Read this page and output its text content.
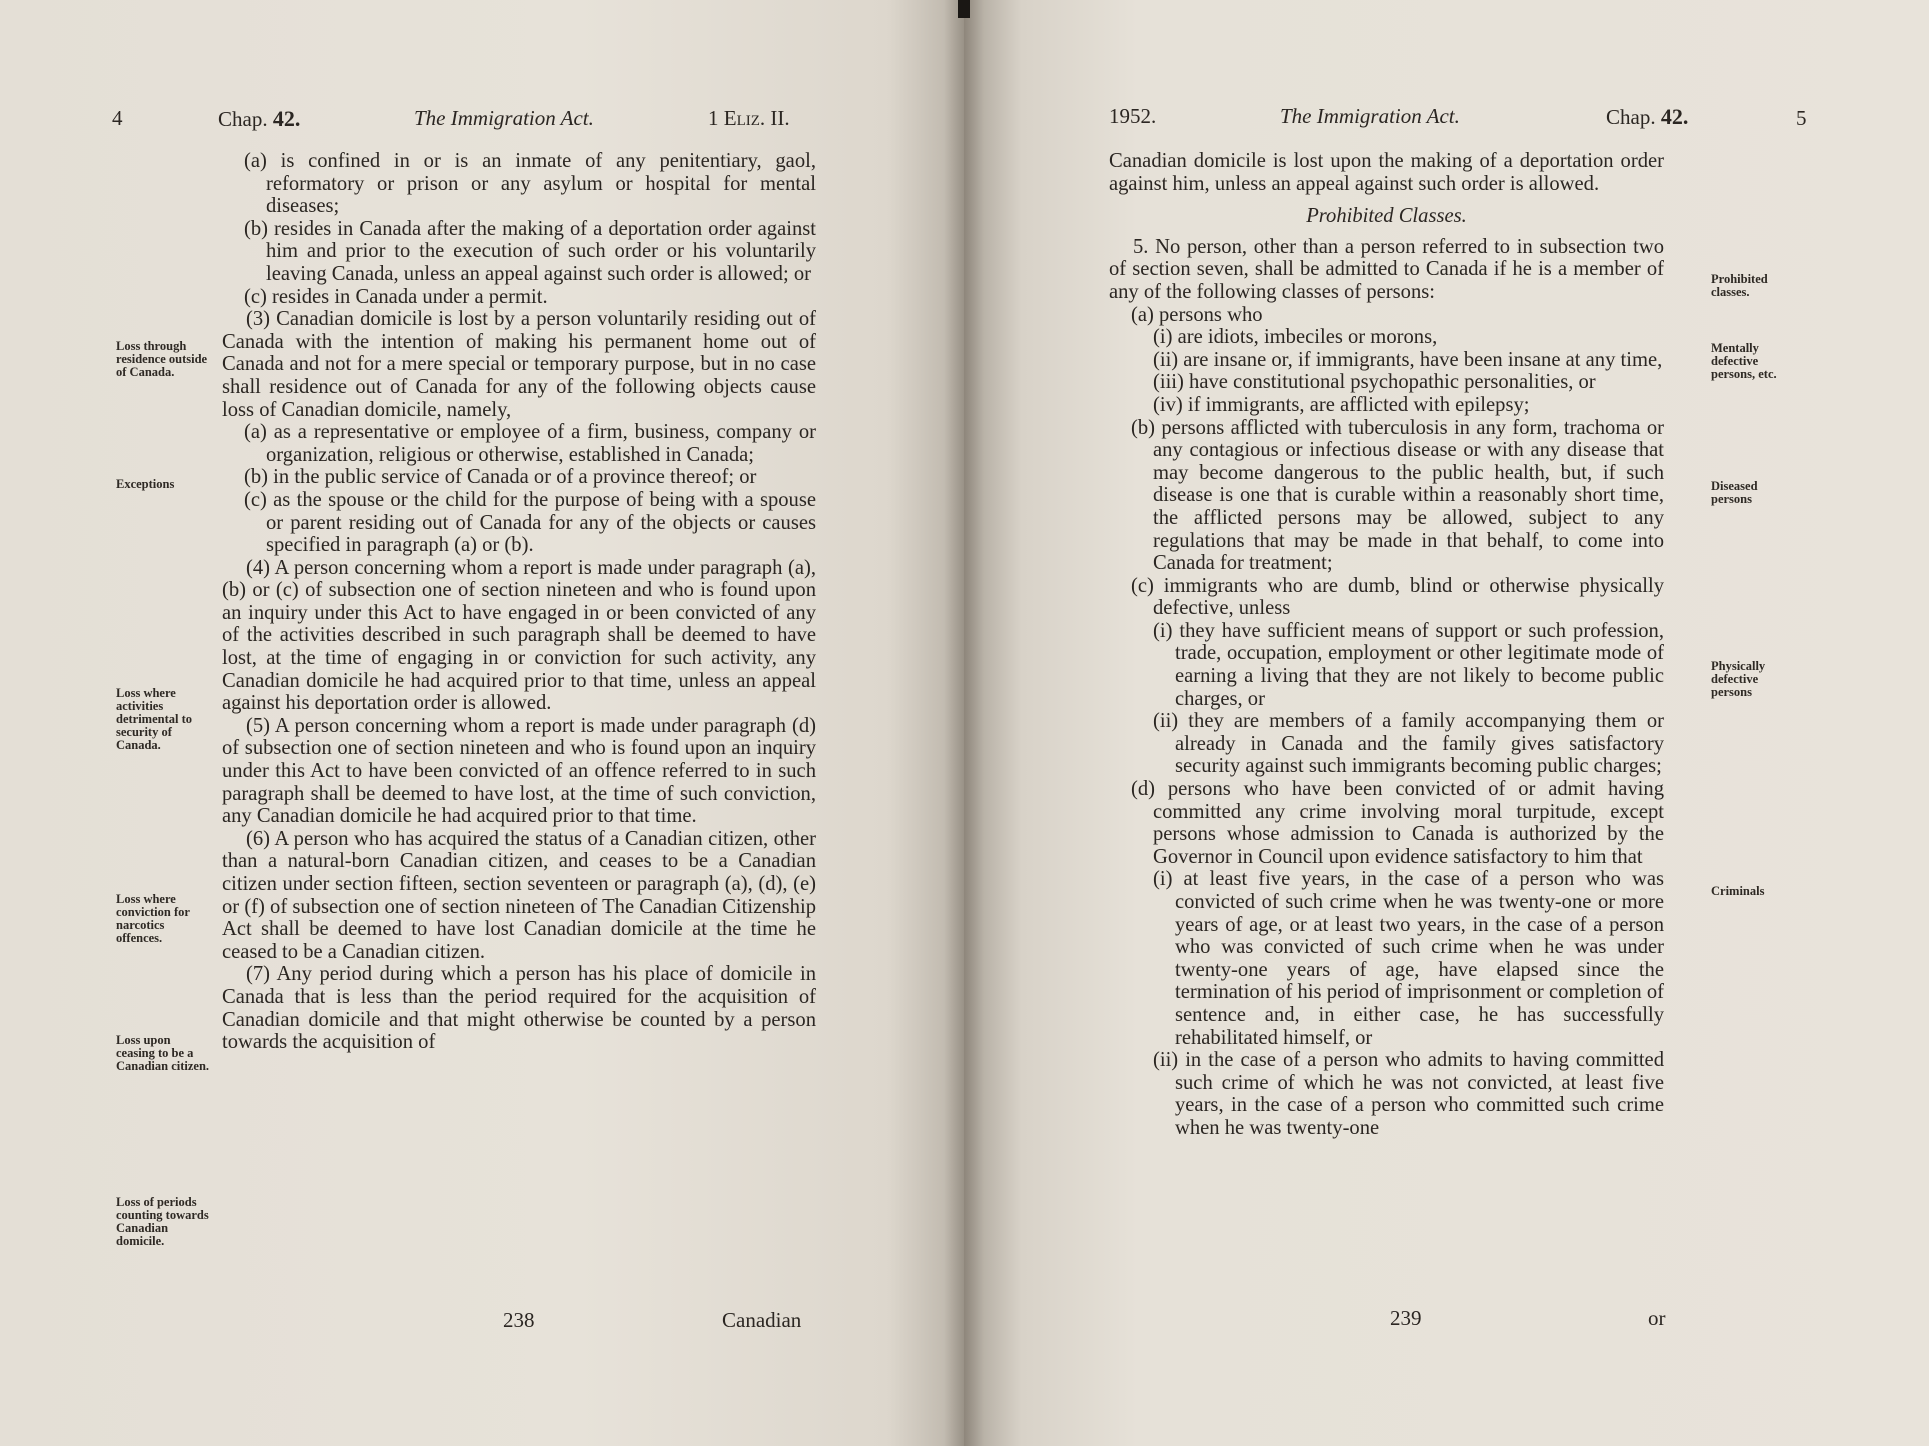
4	Chap. 42.	The Immigration Act.	1 Eliz. II.

(a) is confined in or is an inmate of any penitentiary, gaol, reformatory or prison or any asylum or hospital for mental diseases;

(b) resides in Canada after the making of a deportation order against him and prior to the execution of such order or his voluntarily leaving Canada, unless an appeal against such order is allowed; or

(c) resides in Canada under a permit.

(3) Canadian domicile is lost by a person voluntarily residing out of Canada with the intention of making his permanent home out of Canada and not for a mere special or temporary purpose, but in no case shall residence out of Canada for any of the following objects cause loss of Canadian domicile, namely,

(a) as a representative or employee of a firm, business, company or organization, religious or otherwise, established in Canada;

(b) in the public service of Canada or of a province thereof; or

(c) as the spouse or the child for the purpose of being with a spouse or parent residing out of Canada for any of the objects or causes specified in paragraph (a) or (b).

(4) A person concerning whom a report is made under paragraph (a), (b) or (c) of subsection one of section nineteen and who is found upon an inquiry under this Act to have engaged in or been convicted of any of the activities described in such paragraph shall be deemed to have lost, at the time of engaging in or conviction for such activity, any Canadian domicile he had acquired prior to that time, unless an appeal against his deportation order is allowed.

(5) A person concerning whom a report is made under paragraph (d) of subsection one of section nineteen and who is found upon an inquiry under this Act to have been convicted of an offence referred to in such paragraph shall be deemed to have lost, at the time of such conviction, any Canadian domicile he had acquired prior to that time.

(6) A person who has acquired the status of a Canadian citizen, other than a natural-born Canadian citizen, and ceases to be a Canadian citizen under section fifteen, section seventeen or paragraph (a), (d), (e) or (f) of subsection one of section nineteen of The Canadian Citizenship Act shall be deemed to have lost Canadian domicile at the time he ceased to be a Canadian citizen.

(7) Any period during which a person has his place of domicile in Canada that is less than the period required for the acquisition of Canadian domicile and that might otherwise be counted by a person towards the acquisition of

Loss through residence outside of Canada.
Exceptions
Loss where activities detrimental to security of Canada.
Loss where conviction for narcotics offences.
Loss upon ceasing to be a Canadian citizen.
Loss of periods counting towards Canadian domicile.
238	Canadian
1952.	The Immigration Act.	Chap. 42.	5

Canadian domicile is lost upon the making of a deportation order against him, unless an appeal against such order is allowed.

Prohibited Classes.

5. No person, other than a person referred to in subsection two of section seven, shall be admitted to Canada if he is a member of any of the following classes of persons:

(a) persons who

(i) are idiots, imbeciles or morons,

(ii) are insane or, if immigrants, have been insane at any time,

(iii) have constitutional psychopathic personalities, or

(iv) if immigrants, are afflicted with epilepsy;

(b) persons afflicted with tuberculosis in any form, trachoma or any contagious or infectious disease or with any disease that may become dangerous to the public health, but, if such disease is one that is curable within a reasonably short time, the afflicted persons may be allowed, subject to any regulations that may be made in that behalf, to come into Canada for treatment;

(c) immigrants who are dumb, blind or otherwise physically defective, unless

(i) they have sufficient means of support or such profession, trade, occupation, employment or other legitimate mode of earning a living that they are not likely to become public charges, or

(ii) they are members of a family accompanying them or already in Canada and the family gives satisfactory security against such immigrants becoming public charges;

(d) persons who have been convicted of or admit having committed any crime involving moral turpitude, except persons whose admission to Canada is authorized by the Governor in Council upon evidence satisfactory to him that

(i) at least five years, in the case of a person who was convicted of such crime when he was twenty-one or more years of age, or at least two years, in the case of a person who was convicted of such crime when he was under twenty-one years of age, have elapsed since the termination of his period of imprisonment or completion of sentence and, in either case, he has successfully rehabilitated himself, or

(ii) in the case of a person who admits to having committed such crime of which he was not convicted, at least five years, in the case of a person who committed such crime when he was twenty-one

Prohibited classes.
Mentally defective persons, etc.
Diseased persons
Physically defective persons
Criminals
239	or
